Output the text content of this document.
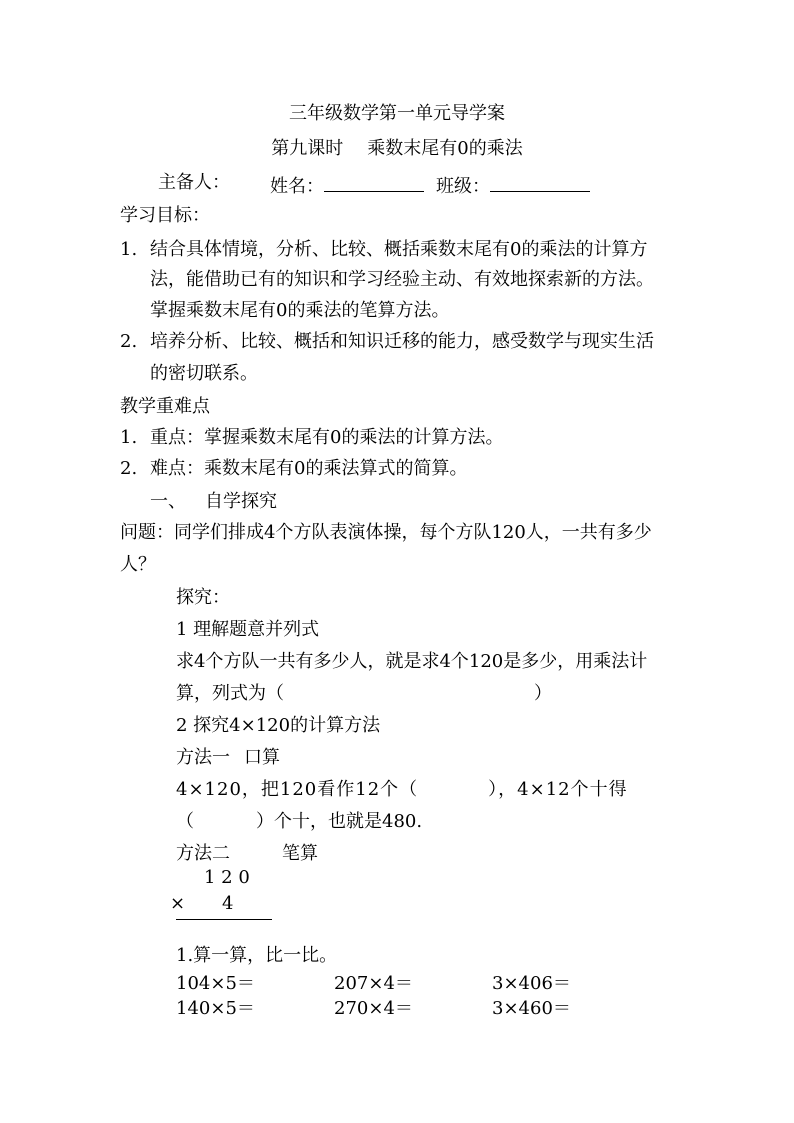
三年级数学第一单元导学案
第九课时 乘数末尾有0的乘法
主备人： 姓名：	班级：
学习目标：
1. 结合具体情境，分析、比较、概括乘数末尾有0的乘法的计算方
法，能借助已有的知识和学习经验主动、有效地探索新的方法。
掌握乘数末尾有0的乘法的笔算方法。
2. 培养分析、比较、概括和知识迁移的能力，感受数学与现实生活
的密切联系。
教学重难点
1. 重点：掌握乘数末尾有0的乘法的计算方法。
2. 难点：乘数末尾有0的乘法算式的简算。
一、 自学探究
问题：同学们排成4个方队表演体操，每个方队120人，一共有多少
人？
探究：
1 理解题意并列式
求4个方队一共有多少人，就是求4个120是多少，用乘法计
算，列式为（	）
2 探究4×120的计算方法
方法一 口算
4×120，把120看作12个（	），4×12个十得
（	）个十，也就是480.
方法二	笔算
1 2 0
× 4
1.算一算，比一比。
104×5＝	207×4＝	3×406＝
140×5＝	270×4＝	3×460＝
